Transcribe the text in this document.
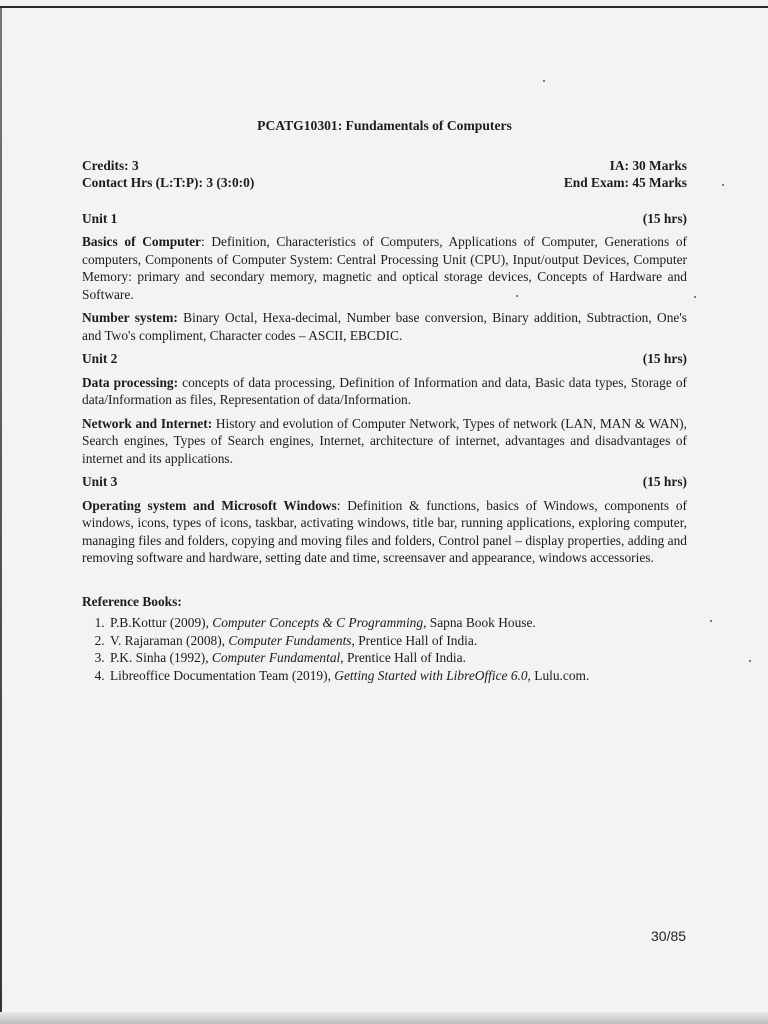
PCATG10301: Fundamentals of Computers
Credits: 3	IA: 30 Marks
Contact Hrs (L:T:P): 3 (3:0:0)	End Exam: 45 Marks
Unit 1	(15 hrs)

Basics of Computer: Definition, Characteristics of Computers, Applications of Computer, Generations of computers, Components of Computer System: Central Processing Unit (CPU), Input/output Devices, Computer Memory: primary and secondary memory, magnetic and optical storage devices, Concepts of Hardware and Software.

Number system: Binary Octal, Hexa-decimal, Number base conversion, Binary addition, Subtraction, One's and Two's compliment, Character codes – ASCII, EBCDIC.

Unit 2	(15 hrs)

Data processing: concepts of data processing, Definition of Information and data, Basic data types, Storage of data/Information as files, Representation of data/Information.

Network and Internet: History and evolution of Computer Network, Types of network (LAN, MAN & WAN), Search engines, Types of Search engines, Internet, architecture of internet, advantages and disadvantages of internet and its applications.

Unit 3	(15 hrs)

Operating system and Microsoft Windows: Definition & functions, basics of Windows, components of windows, icons, types of icons, taskbar, activating windows, title bar, running applications, exploring computer, managing files and folders, copying and moving files and folders, Control panel – display properties, adding and removing software and hardware, setting date and time, screensaver and appearance, windows accessories.

Reference Books:
1. P.B.Kottur (2009), Computer Concepts & C Programming, Sapna Book House.
2. V. Rajaraman (2008), Computer Fundaments, Prentice Hall of India.
3. P.K. Sinha (1992), Computer Fundamental, Prentice Hall of India.
4. Libreoffice Documentation Team (2019), Getting Started with LibreOffice 6.0, Lulu.com.
30/85
